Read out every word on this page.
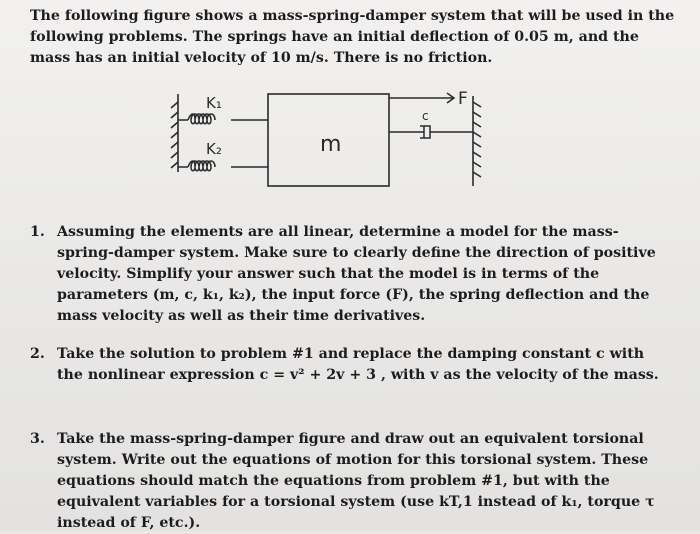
The following figure shows a mass-spring-damper system that will be used in the following problems. The springs have an initial deflection of 0.05 m, and the mass has an initial velocity of 10 m/s. There is no friction.

K₁
K₂	m
c
F
1. Assuming the elements are all linear, determine a model for the mass-spring-damper system. Make sure to clearly define the direction of positive velocity. Simplify your answer such that the model is in terms of the parameters (m, c, k₁, k₂), the input force (F), the spring deflection and the mass velocity as well as their time derivatives.
2. Take the solution to problem #1 and replace the damping constant c with the nonlinear expression c = v² + 2v + 3 , with v as the velocity of the mass.
3. Take the mass-spring-damper figure and draw out an equivalent torsional system. Write out the equations of motion for this torsional system. These equations should match the equations from problem #1, but with the equivalent variables for a torsional system (use kT,1 instead of k₁, torque τ instead of F, etc.).
